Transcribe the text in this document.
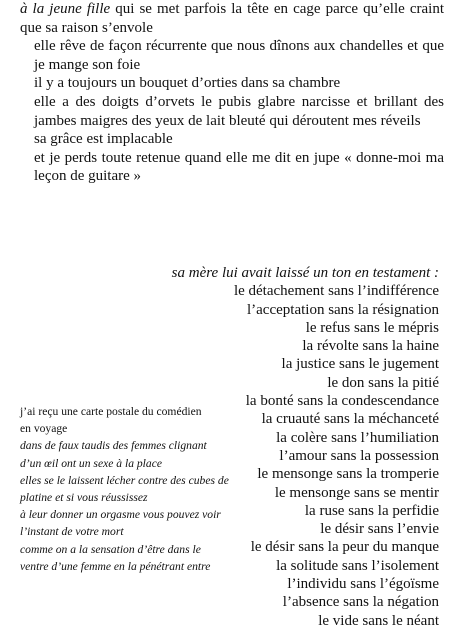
à la jeune fille qui se met parfois la tête en cage parce qu’elle craint que sa raison s’envole

elle rêve de façon récurrente que nous dînons aux chandelles et que je mange son foie

il y a toujours un bouquet d’orties dans sa chambre

elle a des doigts d’orvets le pubis glabre narcisse et brillant des jambes maigres des yeux de lait bleuté qui déroutent mes réveils

sa grâce est implacable

et je perds toute retenue quand elle me dit en jupe « donne-moi ma leçon de guitare »

sa mère lui avait laissé un ton en testament :
le détachement sans l’indifférence
l’acceptation sans la résignation
le refus sans le mépris
la révolte sans la haine
la justice sans le jugement
le don sans la pitié
la bonté sans la condescendance
la cruauté sans la méchanceté
la colère sans l’humiliation
l’amour sans la possession
le mensonge sans la tromperie
le mensonge sans se mentir
la ruse sans la perfidie
le désir sans l’envie
le désir sans la peur du manque
la solitude sans l’isolement
l’individu sans l’égoïsme
l’absence sans la négation
le vide sans le néant
j’ai reçu une carte postale du comédien
en voyage
dans de faux taudis des femmes clignant
d’un œil ont un sexe à la place
elles se le laissent lécher contre des cubes de
platine et si vous réussissez
à leur donner un orgasme vous pouvez voir
l’instant de votre mort
comme on a la sensation d’être dans le
ventre d’une femme en la pénétrant entre
